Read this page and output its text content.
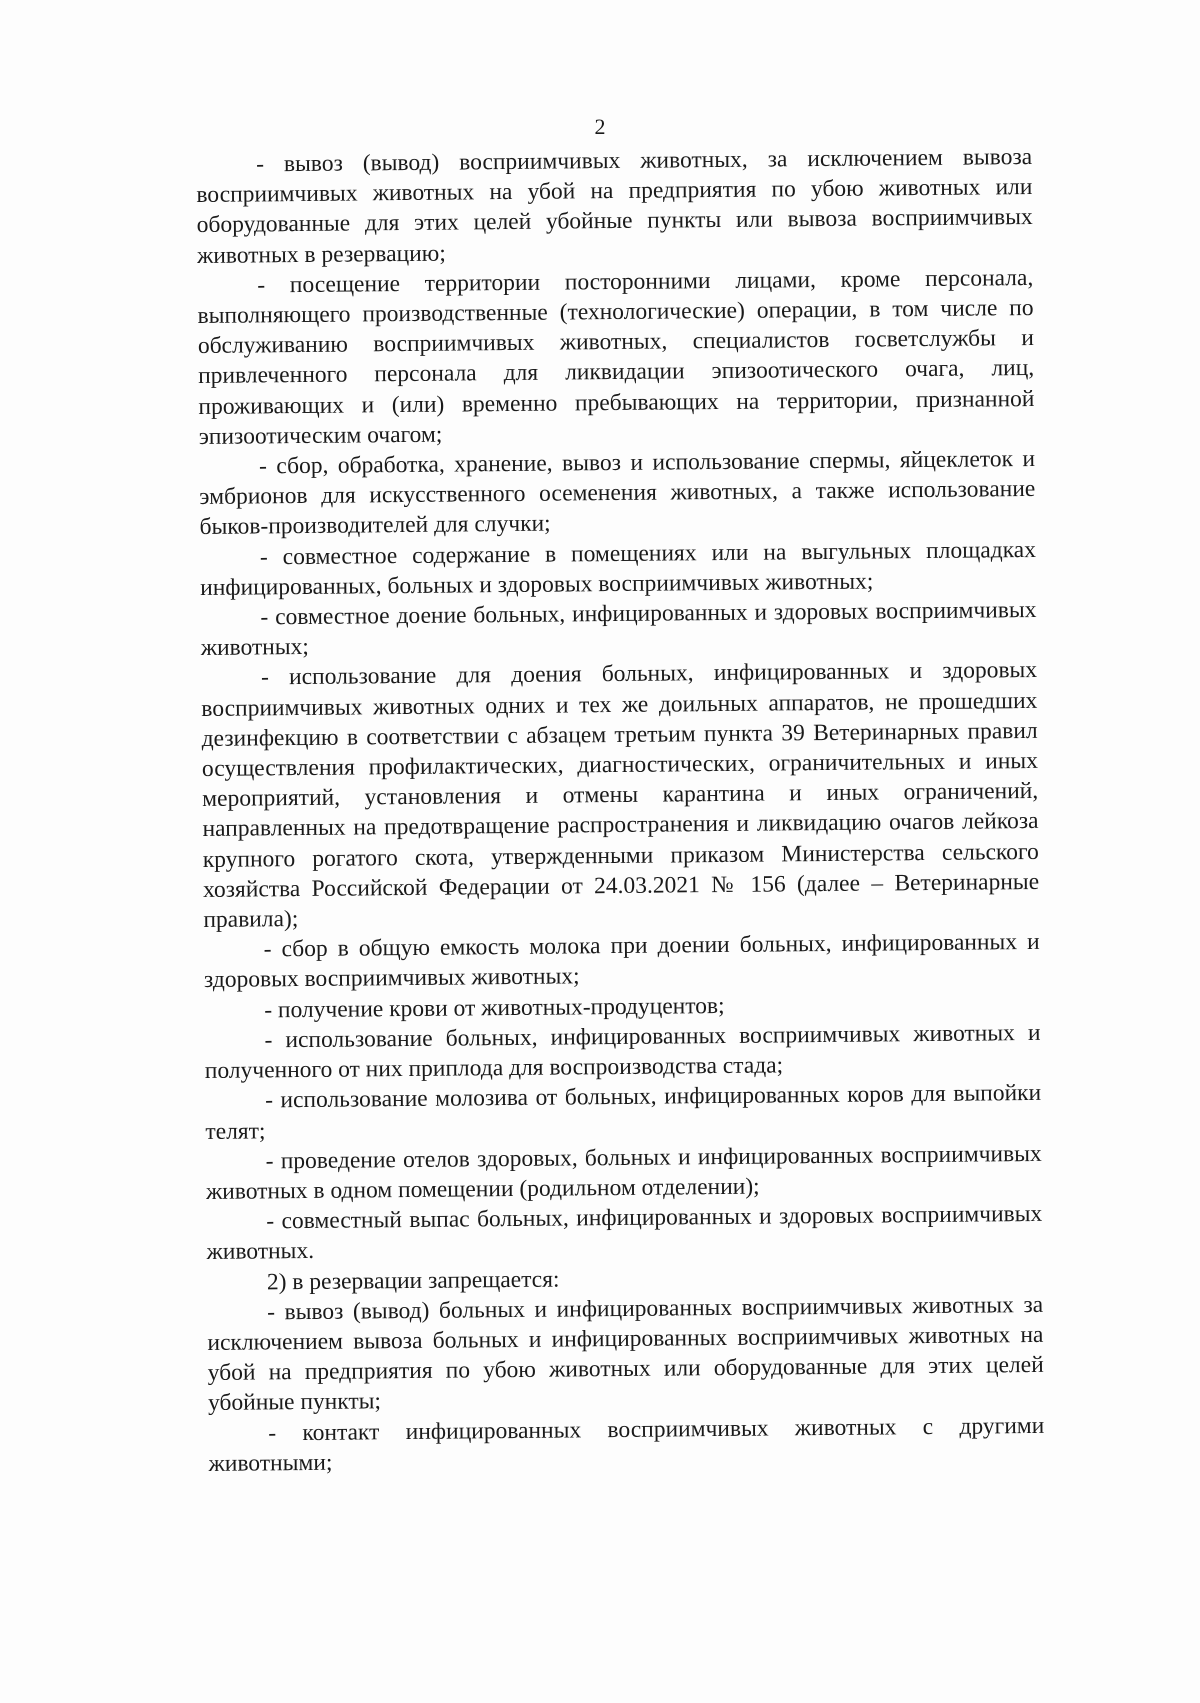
2

- вывоз (вывод) восприимчивых животных, за исключением вывоза восприимчивых животных на убой на предприятия по убою животных или оборудованные для этих целей убойные пункты или вывоза восприимчивых животных в резервацию;

- посещение территории посторонними лицами, кроме персонала, выполняющего производственные (технологические) операции, в том числе по обслуживанию восприимчивых животных, специалистов госветслужбы и привлеченного персонала для ликвидации эпизоотического очага, лиц, проживающих и (или) временно пребывающих на территории, признанной эпизоотическим очагом;

- сбор, обработка, хранение, вывоз и использование спермы, яйцеклеток и эмбрионов для искусственного осеменения животных, а также использование быков-производителей для случки;

- совместное содержание в помещениях или на выгульных площадках инфицированных, больных и здоровых восприимчивых животных;

- совместное доение больных, инфицированных и здоровых восприимчивых животных;

- использование для доения больных, инфицированных и здоровых восприимчивых животных одних и тех же доильных аппаратов, не прошедших дезинфекцию в соответствии с абзацем третьим пункта 39 Ветеринарных правил осуществления профилактических, диагностических, ограничительных и иных мероприятий, установления и отмены карантина и иных ограничений, направленных на предотвращение распространения и ликвидацию очагов лейкоза крупного рогатого скота, утвержденными приказом Министерства сельского хозяйства Российской Федерации от 24.03.2021 № 156 (далее – Ветеринарные правила);

- сбор в общую емкость молока при доении больных, инфицированных и здоровых восприимчивых животных;

- получение крови от животных-продуцентов;

- использование больных, инфицированных восприимчивых животных и полученного от них приплода для воспроизводства стада;

- использование молозива от больных, инфицированных коров для выпойки телят;

- проведение отелов здоровых, больных и инфицированных восприимчивых животных в одном помещении (родильном отделении);

- совместный выпас больных, инфицированных и здоровых восприимчивых животных.

2) в резервации запрещается:

- вывоз (вывод) больных и инфицированных восприимчивых животных за исключением вывоза больных и инфицированных восприимчивых животных на убой на предприятия по убою животных или оборудованные для этих целей убойные пункты;

- контакт инфицированных восприимчивых животных с другими животными;
